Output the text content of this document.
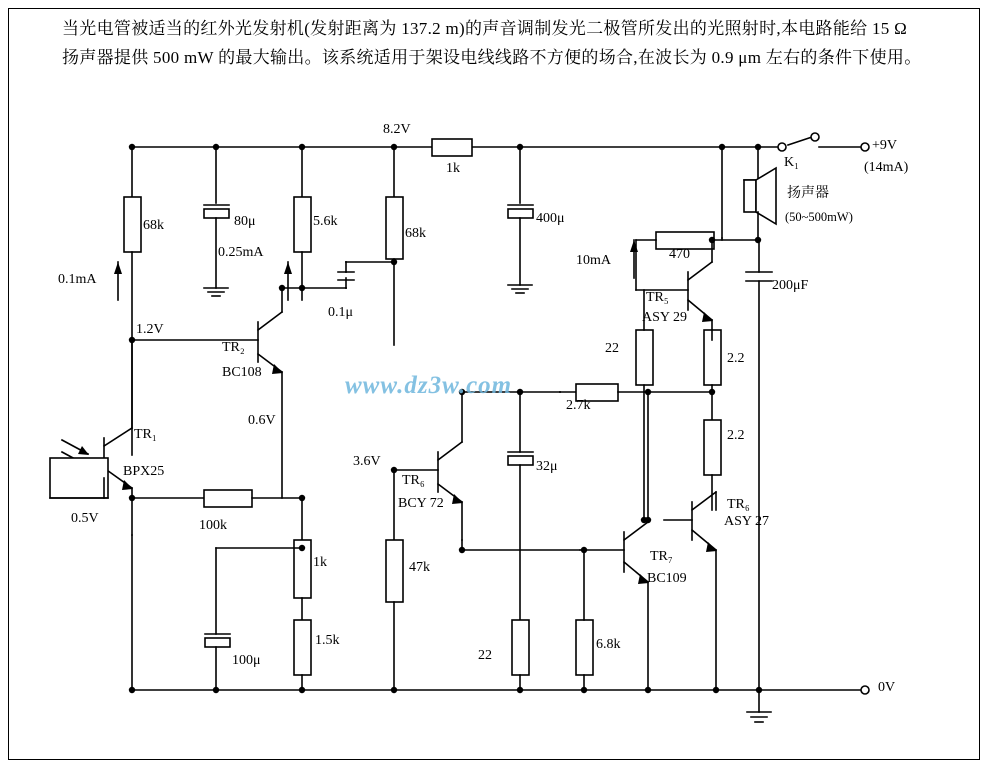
当光电管被适当的红外光发射机(发射距离为 137.2 m)的声音调制发光二极管所发出的光照射时,本电路能给 15 Ω 扬声器提供 500 mW 的最大输出。该系统适用于架设电线线路不方便的场合,在波长为 0.9 μm 左右的条件下使用。
www.dz3w.com
8.2V
1k
+9V
(14mA)
K₁
扬声器
(50~500mW)
68k	80μ	5.6k
68k
400μ
0.25mA
10mA	470
200μF
0.1mA
0.1μ
TR₅
ASY 29
1.2V
22
2.2
TR₂
BC108
2.7k
0.6V
2.2
3.6V	32μ
TR₁
BPX25
TR₆
BCY 72	TR₆
ASY 27
0.5V	100k
1k	47k
TR₇
BC109
1.5k
100μ	22
6.8k
0V
